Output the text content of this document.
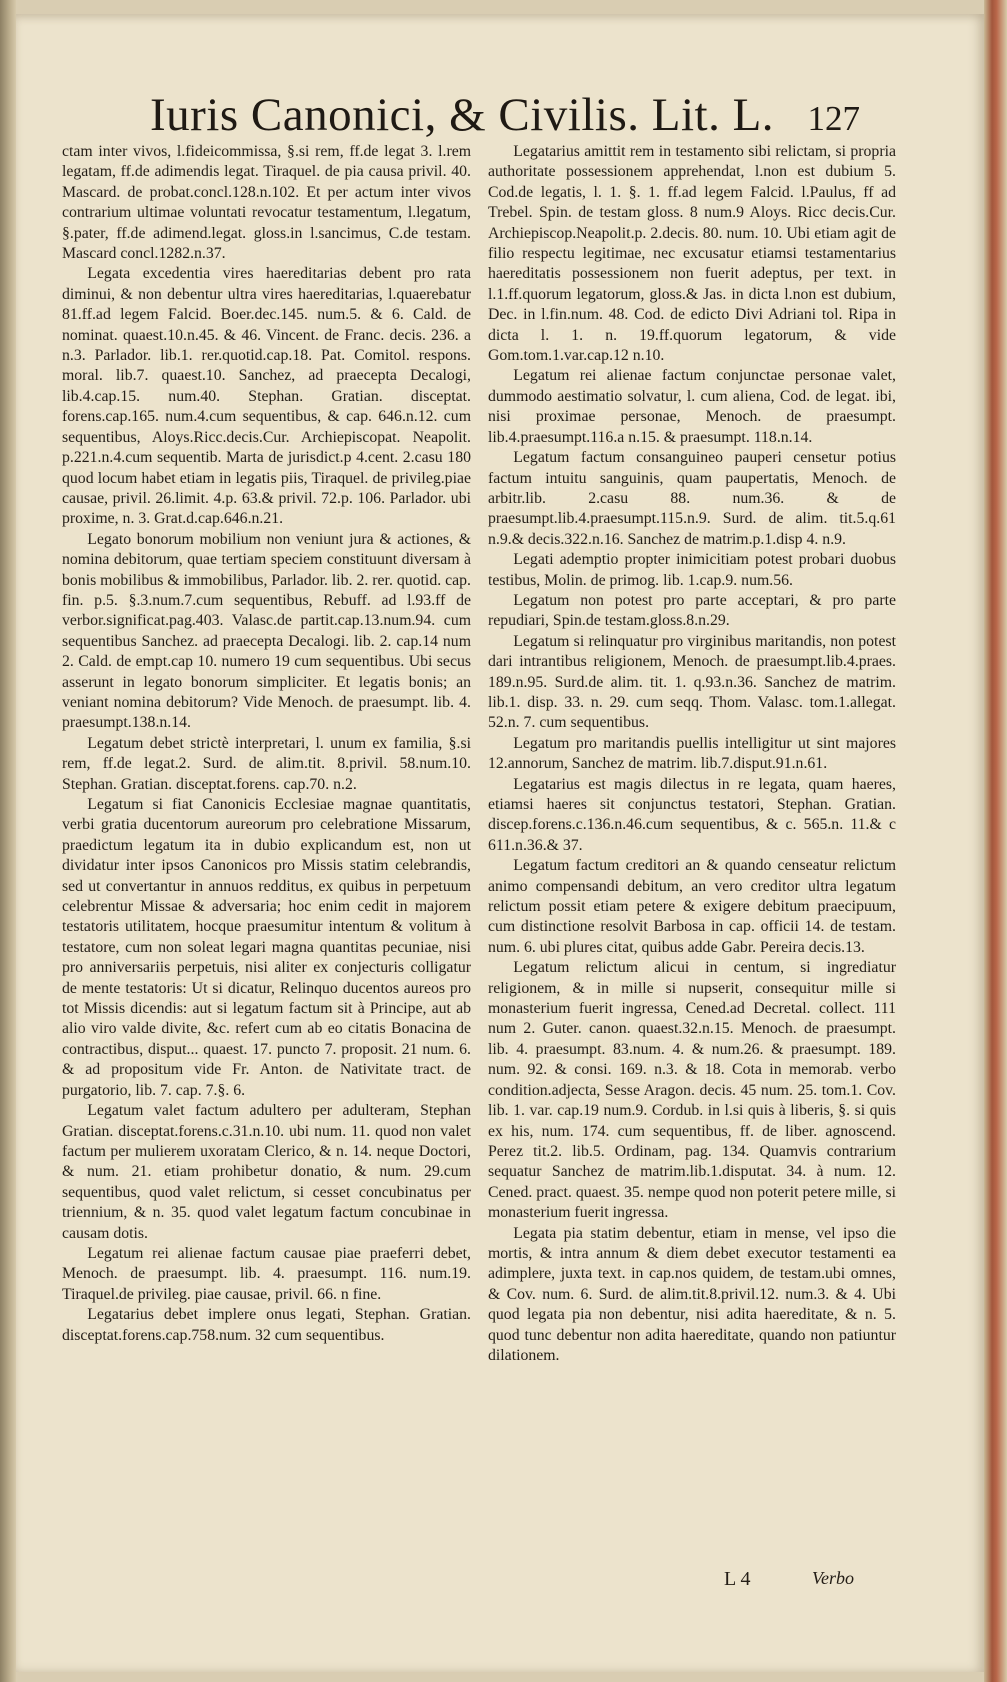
Iuris Canonici, & Civilis. Lit. L. 127

ctam inter vivos, l.fideicommissa, §.si rem, ff.de legat 3. l.rem legatam, ff.de adimendis legat. Tiraquel. de pia causa privil. 40. Mascard. de probat.concl.128.n.102. Et per actum inter vivos contrarium ultimae voluntati revocatur testamentum, l.legatum, §.pater, ff.de adimend.legat. gloss.in l.sancimus, C.de testam. Mascard concl.1282.n.37.

Legata excedentia vires haereditarias debent pro rata diminui, & non debentur ultra vires haereditarias, l.quaerebatur 81.ff.ad legem Falcid. Boer.dec.145. num.5. & 6. Cald. de nominat. quaest.10.n.45. & 46. Vincent. de Franc. decis. 236. a n.3. Parlador. lib.1. rer.quotid.cap.18. Pat. Comitol. respons. moral. lib.7. quaest.10. Sanchez, ad praecepta Decalogi, lib.4.cap.15. num.40. Stephan. Gratian. disceptat. forens.cap.165. num.4.cum sequentibus, & cap. 646.n.12. cum sequentibus, Aloys.Ricc.decis.Cur. Archiepiscopat. Neapolit. p.221.n.4.cum sequentib. Marta de jurisdict.p 4.cent. 2.casu 180 quod locum habet etiam in legatis piis, Tiraquel. de privileg.piae causae, privil. 26.limit. 4.p. 63.& privil. 72.p. 106. Parlador. ubi proxime, n. 3. Grat.d.cap.646.n.21.

Legato bonorum mobilium non veniunt jura & actiones, & nomina debitorum, quae tertiam speciem constituunt diversam à bonis mobilibus & immobilibus, Parlador. lib. 2. rer. quotid. cap. fin. p.5. §.3.num.7.cum sequentibus, Rebuff. ad l.93.ff de verbor.significat.pag.403. Valasc.de partit.cap.13.num.94. cum sequentibus Sanchez. ad praecepta Decalogi. lib. 2. cap.14 num 2. Cald. de empt.cap 10. numero 19 cum sequentibus. Ubi secus asserunt in legato bonorum simpliciter. Et legatis bonis; an veniant nomina debitorum? Vide Menoch. de praesumpt. lib. 4. praesumpt.138.n.14.

Legatum debet strictè interpretari, l. unum ex familia, §.si rem, ff.de legat.2. Surd. de alim.tit. 8.privil. 58.num.10. Stephan. Gratian. disceptat.forens. cap.70. n.2.

Legatum si fiat Canonicis Ecclesiae magnae quantitatis, verbi gratia ducentorum aureorum pro celebratione Missarum, praedictum legatum ita in dubio explicandum est, non ut dividatur inter ipsos Canonicos pro Missis statim celebrandis, sed ut convertantur in annuos redditus, ex quibus in perpetuum celebrentur Missae & adversaria; hoc enim cedit in majorem testatoris utilitatem, hocque praesumitur intentum & volitum à testatore, cum non soleat legari magna quantitas pecuniae, nisi pro anniversariis perpetuis, nisi aliter ex conjecturis colligatur de mente testatoris: Ut si dicatur, Relinquo ducentos aureos pro tot Missis dicendis: aut si legatum factum sit à Principe, aut ab alio viro valde divite, &c. refert cum ab eo citatis Bonacina de contractibus, disput... quaest. 17. puncto 7. proposit. 21 num. 6. & ad propositum vide Fr. Anton. de Nativitate tract. de purgatorio, lib. 7. cap. 7.§. 6.

Legatum valet factum adultero per adulteram, Stephan Gratian. disceptat.forens.c.31.n.10. ubi num. 11. quod non valet factum per mulierem uxoratam Clerico, & n. 14. neque Doctori, & num. 21. etiam prohibetur donatio, & num. 29.cum sequentibus, quod valet relictum, si cesset concubinatus per triennium, & n. 35. quod valet legatum factum concubinae in causam dotis.

Legatum rei alienae factum causae piae praeferri debet, Menoch. de praesumpt. lib. 4. praesumpt. 116. num.19. Tiraquel.de privileg. piae causae, privil. 66. n fine.

Legatarius debet implere onus legati, Stephan. Gratian. disceptat.forens.cap.758.num. 32 cum sequentibus.

Legatarius amittit rem in testamento sibi relictam, si propria authoritate possessionem apprehendat, l.non est dubium 5. Cod.de legatis, l. 1. §. 1. ff.ad legem Falcid. l.Paulus, ff ad Trebel. Spin. de testam gloss. 8 num.9 Aloys. Ricc decis.Cur. Archiepiscop.Neapolit.p. 2.decis. 80. num. 10. Ubi etiam agit de filio respectu legitimae, nec excusatur etiamsi testamentarius haereditatis possessionem non fuerit adeptus, per text. in l.1.ff.quorum legatorum, gloss.& Jas. in dicta l.non est dubium, Dec. in l.fin.num. 48. Cod. de edicto Divi Adriani tol. Ripa in dicta l. 1. n. 19.ff.quorum legatorum, & vide Gom.tom.1.var.cap.12 n.10.

Legatum rei alienae factum conjunctae personae valet, dummodo aestimatio solvatur, l. cum aliena, Cod. de legat. ibi, nisi proximae personae, Menoch. de praesumpt. lib.4.praesumpt.116.a n.15. & praesumpt. 118.n.14.

Legatum factum consanguineo pauperi censetur potius factum intuitu sanguinis, quam paupertatis, Menoch. de arbitr.lib. 2.casu 88. num.36. & de praesumpt.lib.4.praesumpt.115.n.9. Surd. de alim. tit.5.q.61 n.9.& decis.322.n.16. Sanchez de matrim.p.1.disp 4. n.9.

Legati ademptio propter inimicitiam potest probari duobus testibus, Molin. de primog. lib. 1.cap.9. num.56.

Legatum non potest pro parte acceptari, & pro parte repudiari, Spin.de testam.gloss.8.n.29.

Legatum si relinquatur pro virginibus maritandis, non potest dari intrantibus religionem, Menoch. de praesumpt.lib.4.praes. 189.n.95. Surd.de alim. tit. 1. q.93.n.36. Sanchez de matrim. lib.1. disp. 33. n. 29. cum seqq. Thom. Valasc. tom.1.allegat. 52.n. 7. cum sequentibus.

Legatum pro maritandis puellis intelligitur ut sint majores 12.annorum, Sanchez de matrim. lib.7.disput.91.n.61.

Legatarius est magis dilectus in re legata, quam haeres, etiamsi haeres sit conjunctus testatori, Stephan. Gratian. discep.forens.c.136.n.46.cum sequentibus, & c. 565.n. 11.& c 611.n.36.& 37.

Legatum factum creditori an & quando censeatur relictum animo compensandi debitum, an vero creditor ultra legatum relictum possit etiam petere & exigere debitum praecipuum, cum distinctione resolvit Barbosa in cap. officii 14. de testam. num. 6. ubi plures citat, quibus adde Gabr. Pereira decis.13.

Legatum relictum alicui in centum, si ingrediatur religionem, & in mille si nupserit, consequitur mille si monasterium fuerit ingressa, Cened.ad Decretal. collect. 111 num 2. Guter. canon. quaest.32.n.15. Menoch. de praesumpt. lib. 4. praesumpt. 83.num. 4. & num.26. & praesumpt. 189. num. 92. & consi. 169. n.3. & 18. Cota in memorab. verbo condition.adjecta, Sesse Aragon. decis. 45 num. 25. tom.1. Cov. lib. 1. var. cap.19 num.9. Cordub. in l.si quis à liberis, §. si quis ex his, num. 174. cum sequentibus, ff. de liber. agnoscend. Perez tit.2. lib.5. Ordinam, pag. 134. Quamvis contrarium sequatur Sanchez de matrim.lib.1.disputat. 34. à num. 12. Cened. pract. quaest. 35. nempe quod non poterit petere mille, si monasterium fuerit ingressa.

Legata pia statim debentur, etiam in mense, vel ipso die mortis, & intra annum & diem debet executor testamenti ea adimplere, juxta text. in cap.nos quidem, de testam.ubi omnes, & Cov. num. 6. Surd. de alim.tit.8.privil.12. num.3. & 4. Ubi quod legata pia non debentur, nisi adita haereditate, & n. 5. quod tunc debentur non adita haereditate, quando non patiuntur dilationem.

L 4	Verbo
